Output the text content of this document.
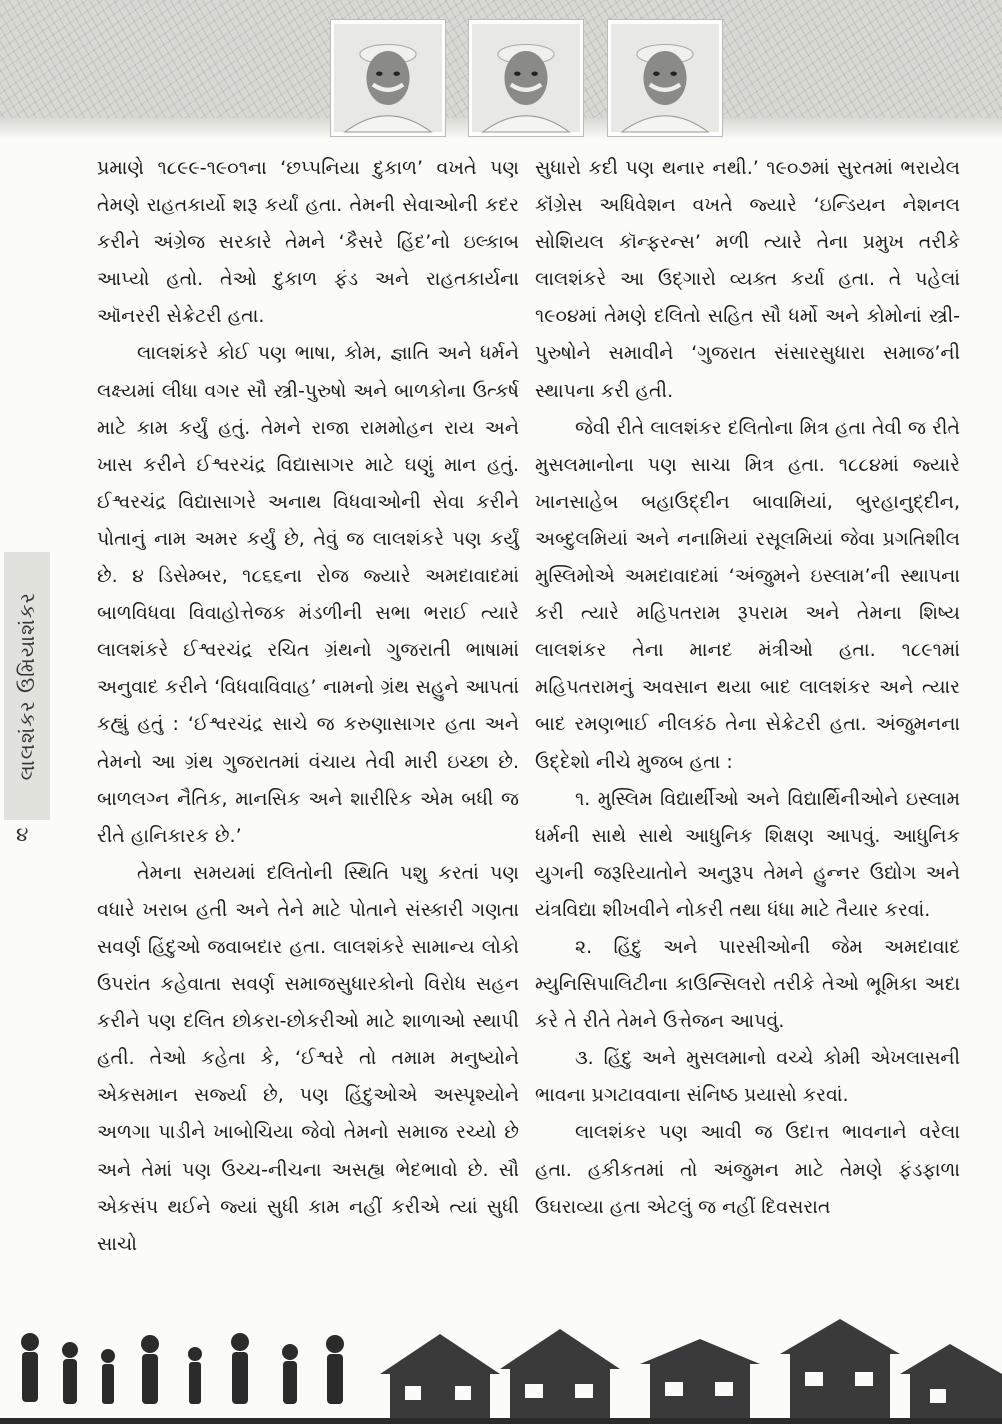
લાલશંકર ઉમિયાશંકર
૪

પ્રમાણે ૧૮૯૯-૧૯૦૧ના ‘છપ્પનિયા દુકાળ’ વખતે પણ તેમણે રાહતકાર્યો શરૂ કર્યાં હતા. તેમની સેવાઓની કદર કરીને અંગ્રેજ સરકારે તેમને ‘કૈસરે હિંદ’નો ઇલ્કાબ આપ્યો હતો. તેઓ દુકાળ ફંડ અને રાહતકાર્યના ઑનરરી સેક્રેટરી હતા.

લાલશંકરે કોઈ પણ ભાષા, કોમ, જ્ઞાતિ અને ધર્મને લક્ષ્યમાં લીધા વગર સૌ સ્ત્રી-પુરુષો અને બાળકોના ઉત્કર્ષ માટે કામ કર્યું હતું. તેમને રાજા રામમોહન રાય અને ખાસ કરીને ઈશ્વરચંદ્ર વિદ્યાસાગર માટે ઘણું માન હતું. ઈશ્વરચંદ્ર વિદ્યાસાગરે અનાથ વિધવાઓની સેવા કરીને પોતાનું નામ અમર કર્યું છે, તેવું જ લાલશંકરે પણ કર્યું છે. ૪ ડિસેમ્બર, ૧૮૬૬ના રોજ જ્યારે અમદાવાદમાં બાળવિધવા વિવાહોત્તેજક મંડળીની સભા ભરાઈ ત્યારે લાલશંકરે ઈશ્વરચંદ્ર રચિત ગ્રંથનો ગુજરાતી ભાષામાં અનુવાદ કરીને ‘વિધવાવિવાહ’ નામનો ગ્રંથ સહુને આપતાં કહ્યું હતું : ‘ઈશ્વરચંદ્ર સાચે જ કરુણાસાગર હતા અને તેમનો આ ગ્રંથ ગુજરાતમાં વંચાય તેવી મારી ઇચ્છા છે. બાળલગ્ન નૈતિક, માનસિક અને શારીરિક એમ બધી જ રીતે હાનિકારક છે.’

તેમના સમયમાં દલિતોની સ્થિતિ પશુ કરતાં પણ વધારે ખરાબ હતી અને તેને માટે પોતાને સંસ્કારી ગણતા સવર્ણ હિંદુઓ જવાબદાર હતા. લાલશંકરે સામાન્ય લોકો ઉપરાંત કહેવાતા સવર્ણ સમાજસુધારકોનો વિરોધ સહન કરીને પણ દલિત છોકરા-છોકરીઓ માટે શાળાઓ સ્થાપી હતી. તેઓ કહેતા કે, ‘ઈશ્વરે તો તમામ મનુષ્યોને એકસમાન સર્જ્યા છે, પણ હિંદુઓએ અસ્પૃશ્યોને અળગા પાડીને ખાબોચિયા જેવો તેમનો સમાજ રચ્યો છે અને તેમાં પણ ઉચ્ચ-નીચના અસહ્ય ભેદભાવો છે. સૌ એકસંપ થઈને જ્યાં સુધી કામ નહીં કરીએ ત્યાં સુધી સાચો

સુધારો કદી પણ થનાર નથી.’ ૧૯૦૭માં સુરતમાં ભરાયેલ કૉંગ્રેસ અધિવેશન વખતે જ્યારે ‘ઇન્ડિયન નેશનલ સોશિયલ કૉન્ફરન્સ’ મળી ત્યારે તેના પ્રમુખ તરીકે લાલશંકરે આ ઉદ્ગારો વ્યક્ત કર્યા હતા. તે પહેલાં ૧૯૦૪માં તેમણે દલિતો સહિત સૌ ધર્મો અને કોમોનાં સ્ત્રી-પુરુષોને સમાવીને ‘ગુજરાત સંસારસુધારા સમાજ’ની સ્થાપના કરી હતી.

જેવી રીતે લાલશંકર દલિતોના મિત્ર હતા તેવી જ રીતે મુસલમાનોના પણ સાચા મિત્ર હતા. ૧૮૮૪માં જ્યારે ખાનસાહેબ બહાઉદ્દીન બાવામિયાં, બુરહાનુદ્દીન, અબ્દુલમિયાં અને નનામિયાં રસૂલમિયાં જેવા પ્રગતિશીલ મુસ્લિમોએ અમદાવાદમાં ‘અંજુમને ઇસ્લામ’ની સ્થાપના કરી ત્યારે મહિપતરામ રૂપરામ અને તેમના શિષ્ય લાલશંકર તેના માનદ મંત્રીઓ હતા. ૧૮૯૧માં મહિપતરામનું અવસાન થયા બાદ લાલશંકર અને ત્યાર બાદ રમણભાઈ નીલકંઠ તેના સેક્રેટરી હતા. અંજુમનના ઉદ્દેશો નીચે મુજબ હતા :

૧. મુસ્લિમ વિદ્યાર્થીઓ અને વિદ્યાર્થિનીઓને ઇસ્લામ ધર્મની સાથે સાથે આધુનિક શિક્ષણ આપવું. આધુનિક યુગની જરૂરિયાતોને અનુરૂપ તેમને હુન્નર ઉદ્યોગ અને યંત્રવિદ્યા શીખવીને નોકરી તથા ધંધા માટે તૈયાર કરવાં.

૨. હિંદુ અને પારસીઓની જેમ અમદાવાદ મ્યુનિસિપાલિટીના કાઉન્સિલરો તરીકે તેઓ ભૂમિકા અદા કરે તે રીતે તેમને ઉત્તેજન આપવું.

૩. હિંદુ અને મુસલમાનો વચ્ચે કોમી એખલાસની ભાવના પ્રગટાવવાના સંનિષ્ઠ પ્રયાસો કરવાં.

લાલશંકર પણ આવી જ ઉદાત્ત ભાવનાને વરેલા હતા. હકીકતમાં તો અંજુમન માટે તેમણે ફંડફાળા ઉઘરાવ્યા હતા એટલું જ નહીં દિવસરાત
